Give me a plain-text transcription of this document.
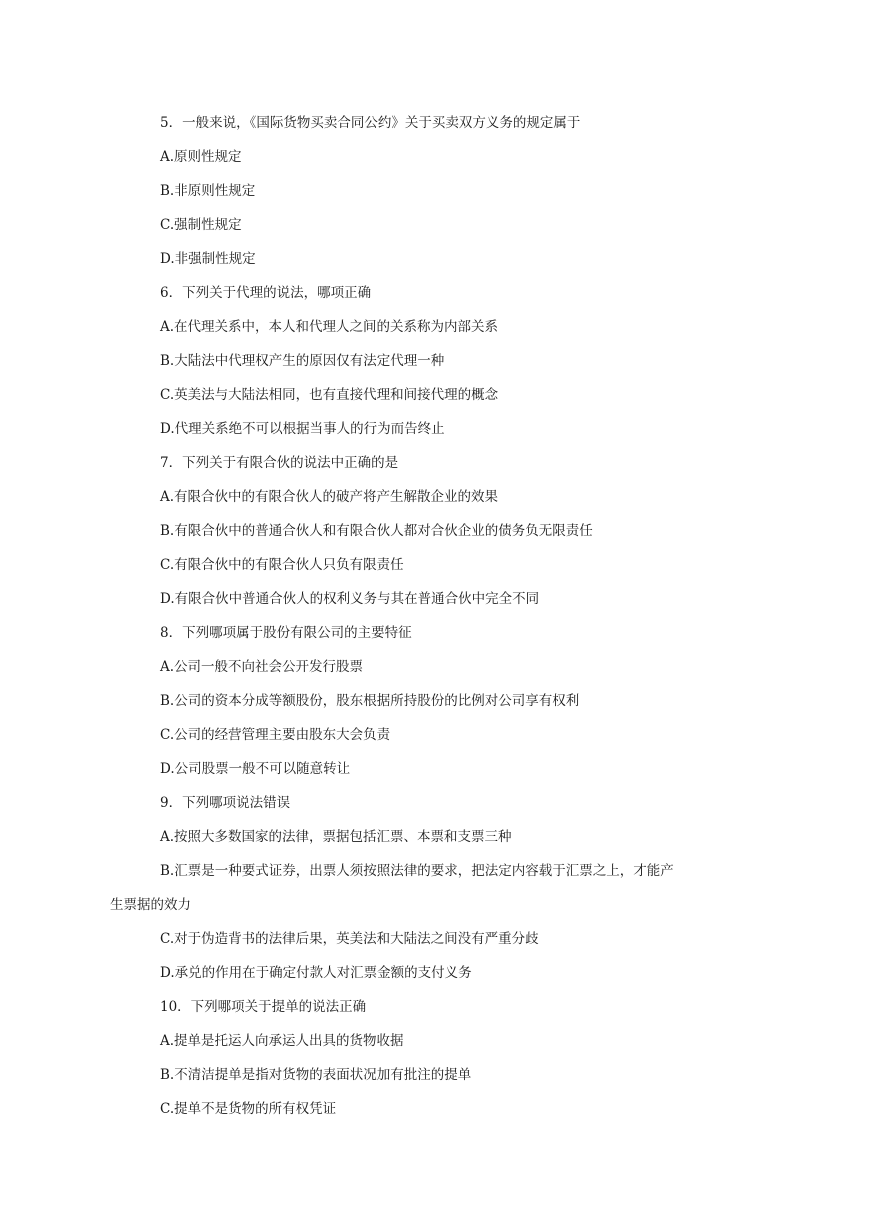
5．一般来说，《国际货物买卖合同公约》关于买卖双方义务的规定属于
A.原则性规定
B.非原则性规定
C.强制性规定
D.非强制性规定
6．下列关于代理的说法，哪项正确
A.在代理关系中，本人和代理人之间的关系称为内部关系
B.大陆法中代理权产生的原因仅有法定代理一种
C.英美法与大陆法相同，也有直接代理和间接代理的概念
D.代理关系绝不可以根据当事人的行为而告终止
7．下列关于有限合伙的说法中正确的是
A.有限合伙中的有限合伙人的破产将产生解散企业的效果
B.有限合伙中的普通合伙人和有限合伙人都对合伙企业的债务负无限责任
C.有限合伙中的有限合伙人只负有限责任
D.有限合伙中普通合伙人的权利义务与其在普通合伙中完全不同
8．下列哪项属于股份有限公司的主要特征
A.公司一般不向社会公开发行股票
B.公司的资本分成等额股份，股东根据所持股份的比例对公司享有权利
C.公司的经营管理主要由股东大会负责
D.公司股票一般不可以随意转让
9．下列哪项说法错误
A.按照大多数国家的法律，票据包括汇票、本票和支票三种
B.汇票是一种要式证券，出票人须按照法律的要求，把法定内容载于汇票之上，才能产
生票据的效力
C.对于伪造背书的法律后果，英美法和大陆法之间没有严重分歧
D.承兑的作用在于确定付款人对汇票金额的支付义务
10．下列哪项关于提单的说法正确
A.提单是托运人向承运人出具的货物收据
B.不清洁提单是指对货物的表面状况加有批注的提单
C.提单不是货物的所有权凭证
